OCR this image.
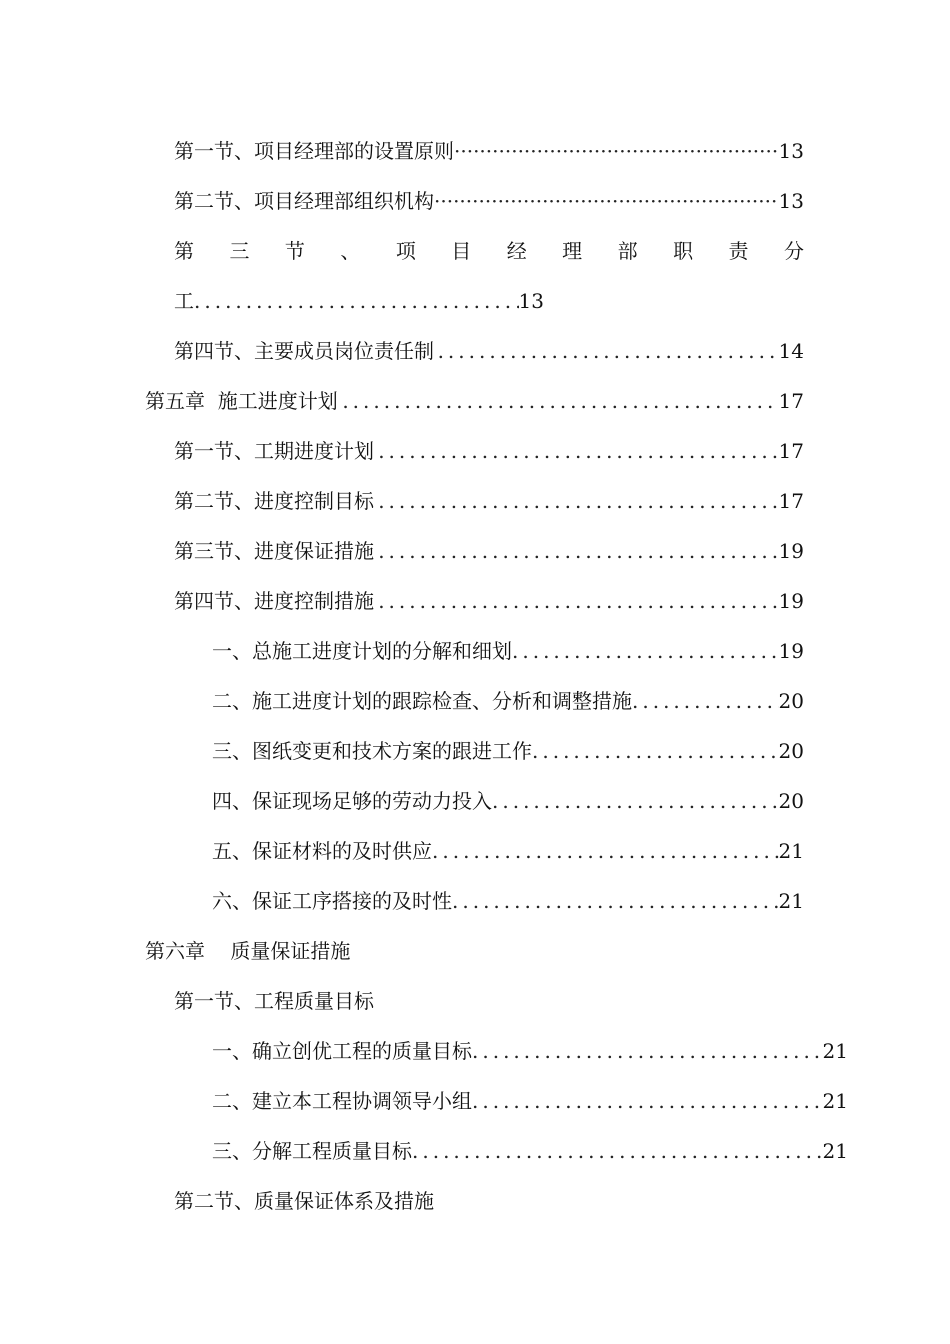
第一节、项目经理部的设置原则 ·····	13
第二节、项目经理部组织机构 ·····	13
第 三 节 、 项 目 经 理 部 职 责 分
工 .....	13
第四节、主要成员岗位责任制 .....	14
第五章  施工进度计划 .....	17
第一节、工期进度计划 .....	17
第二节、进度控制目标 .....	17
第三节、进度保证措施 .....	19
第四节、进度控制措施 .....	19
一、总施工进度计划的分解和细划 .....	19
二、施工进度计划的跟踪检查、分析和调整措施 .....	20
三、图纸变更和技术方案的跟进工作 .....	20
四、保证现场足够的劳动力投入 .....	20
五、保证材料的及时供应 .....	21
六、保证工序搭接的及时性 .....	21
第六章    质量保证措施
第一节、工程质量目标
一、确立创优工程的质量目标 .....	21
二、建立本工程协调领导小组 .....	21
三、分解工程质量目标 .....	21
第二节、质量保证体系及措施
